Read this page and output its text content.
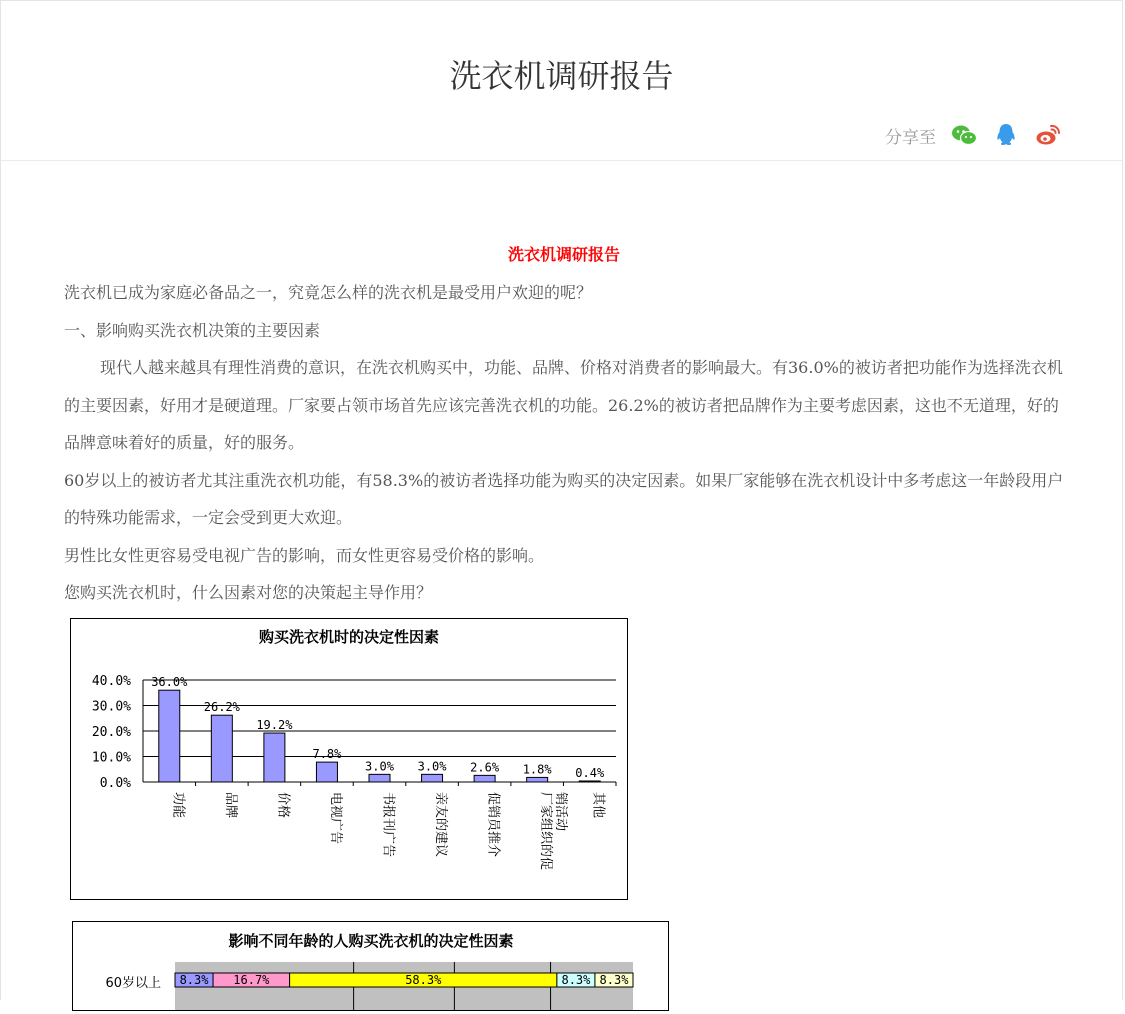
洗衣机调研报告
分享至
洗衣机调研报告

洗衣机已成为家庭必备品之一，究竟怎么样的洗衣机是最受用户欢迎的呢？

一、影响购买洗衣机决策的主要因素

现代人越来越具有理性消费的意识，在洗衣机购买中，功能、品牌、价格对消费者的影响最大。有36.0%的被访者把功能作为选择洗衣机的主要因素，好用才是硬道理。厂家要占领市场首先应该完善洗衣机的功能。26.2%的被访者把品牌作为主要考虑因素，这也不无道理，好的品牌意味着好的质量，好的服务。

60岁以上的被访者尤其注重洗衣机功能，有58.3%的被访者选择功能为购买的决定因素。如果厂家能够在洗衣机设计中多考虑这一年龄段用户的特殊功能需求，一定会受到更大欢迎。

男性比女性更容易受电视广告的影响，而女性更容易受价格的影响。

您购买洗衣机时，什么因素对您的决策起主导作用？

购买洗衣机时的决定性因素
40.0%
30.0%
20.0%
10.0%
0.0%
36.0%
功能
26.2%
品牌
19.2%
价格
7.8%
电视广告
3.0%
书报刊广告
3.0%
亲友的建议
2.6%
促销员推介
1.8%
厂家组织的促 销活动
0.4%
其他
影响不同年龄的人购买洗衣机的决定性因素
60岁以上 8.3% 16.7%	58.3%	8.3% 8.3%
